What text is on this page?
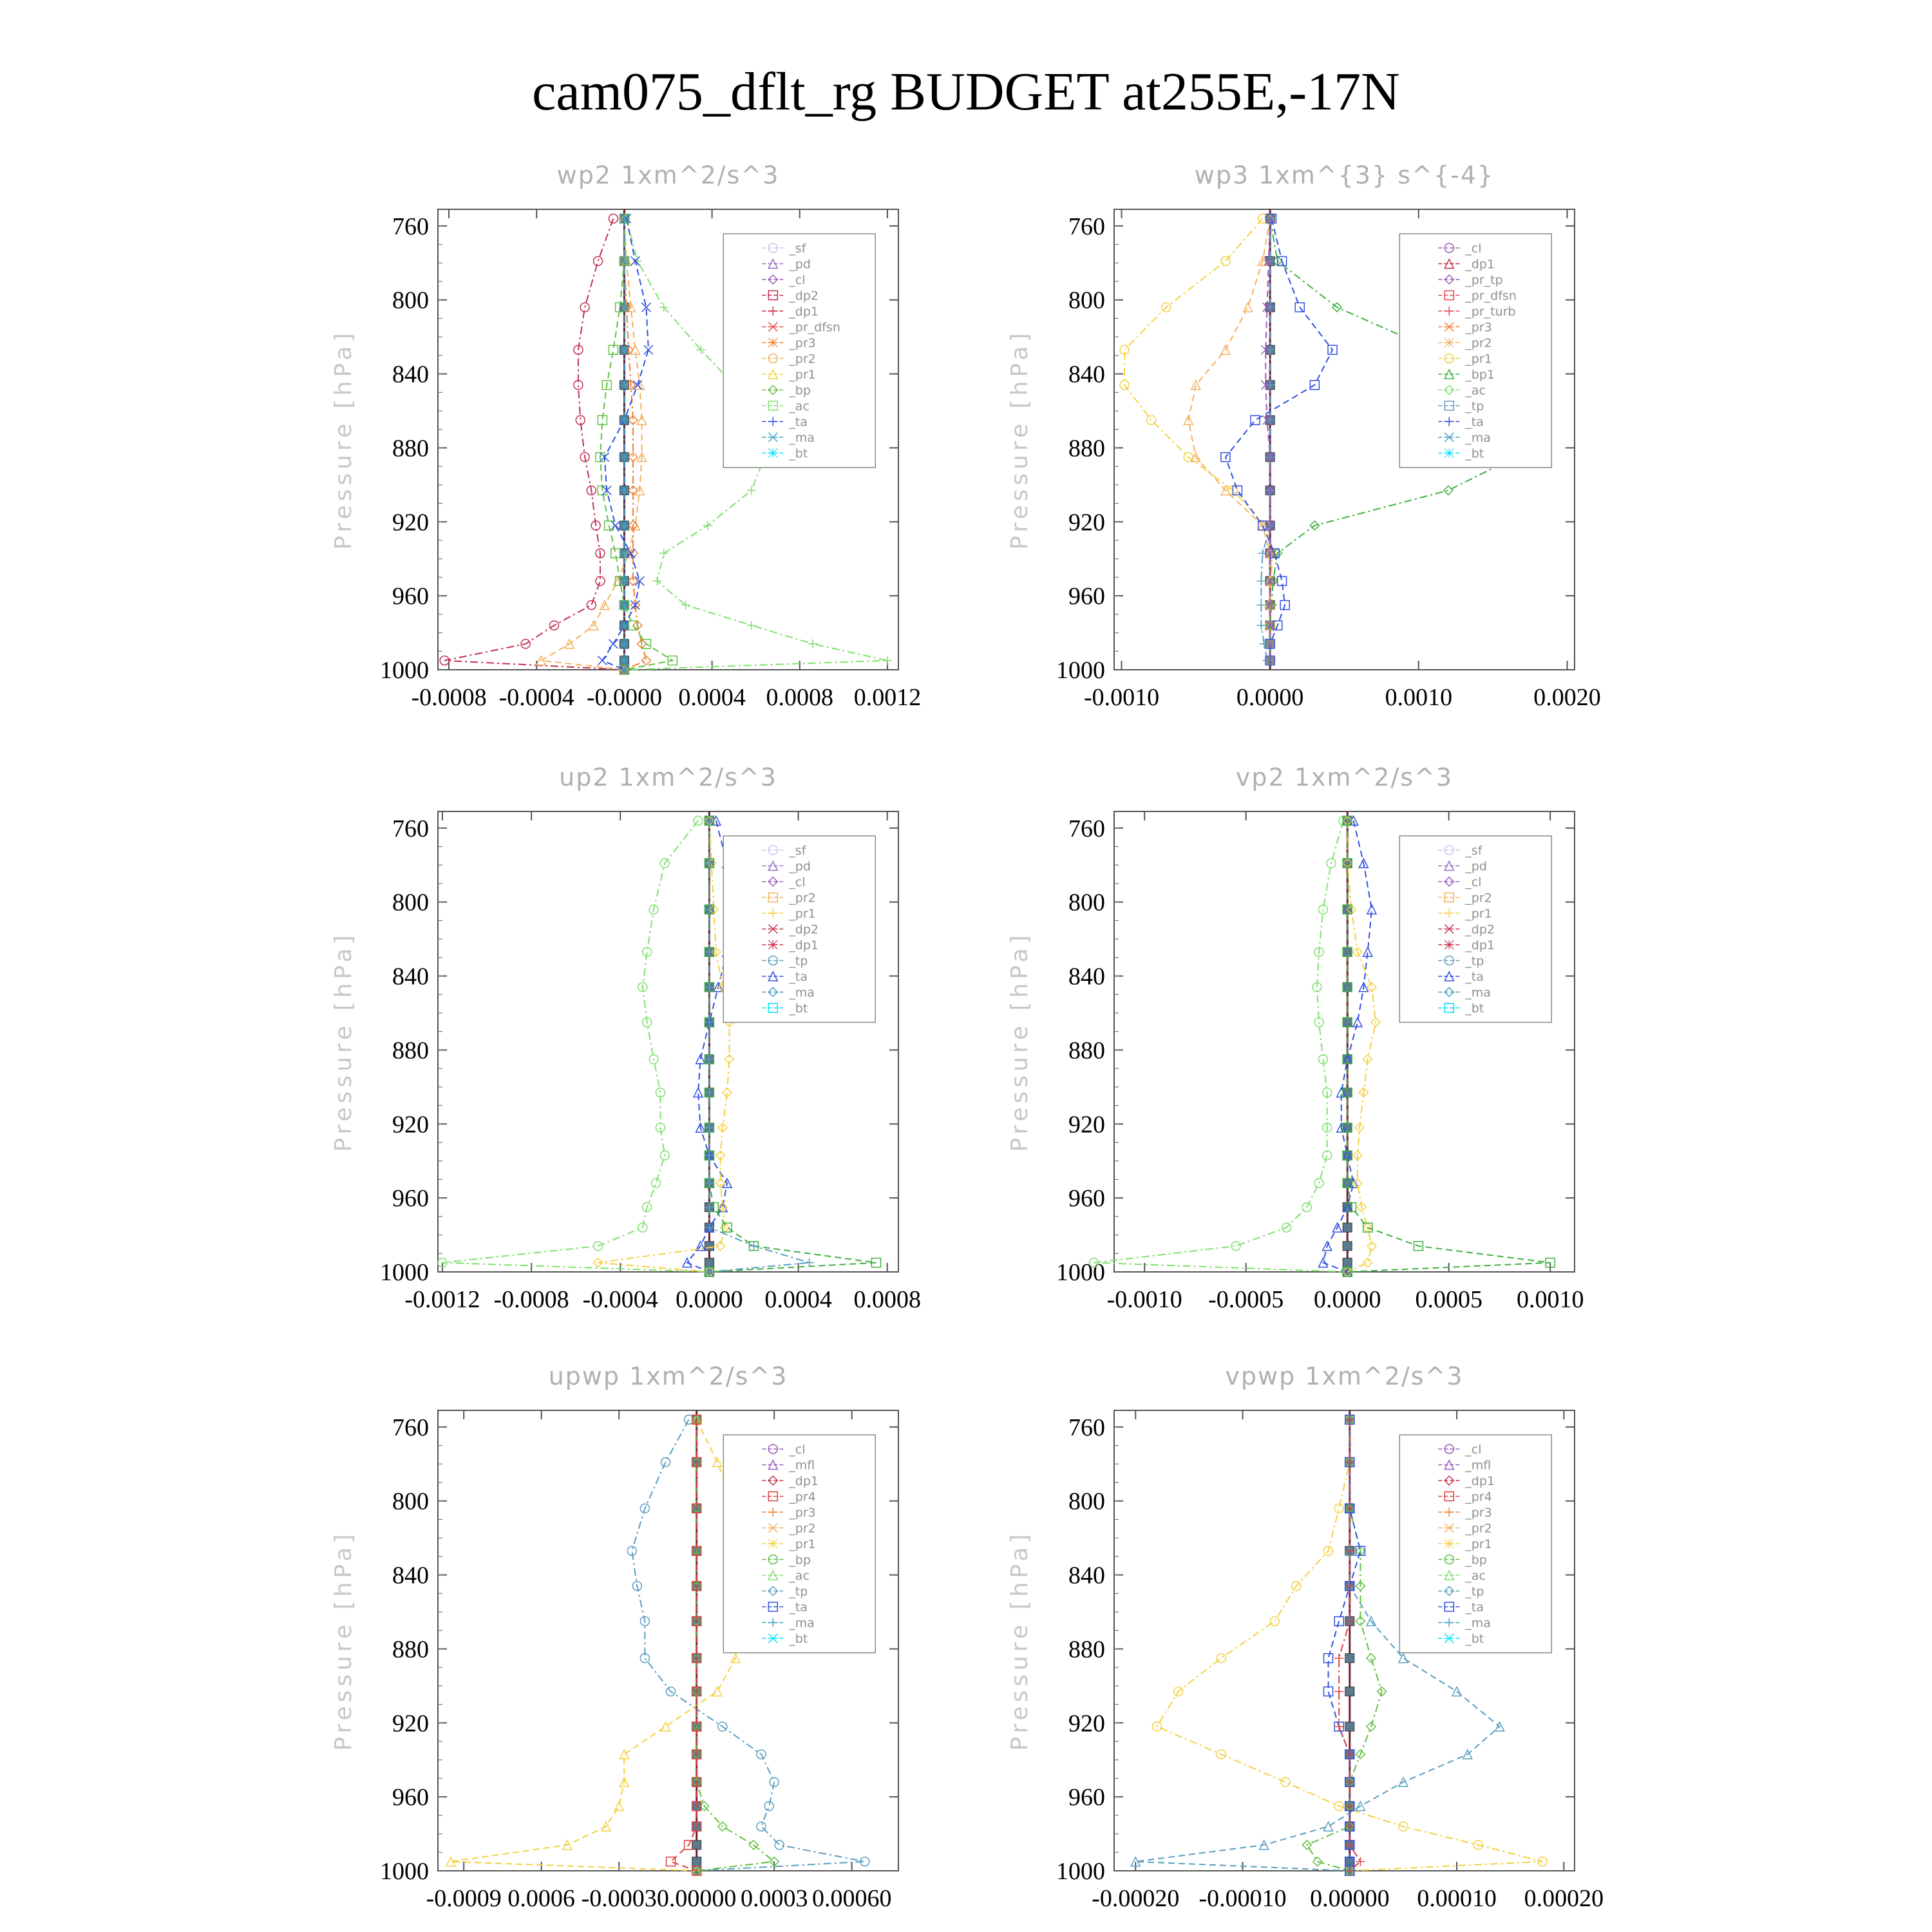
cam075_dflt_rg BUDGET at255E,-17N
wp2 1xm^2/s^3
Pressure [hPa]
760
800
840
880
920
960
1000
-0.0008 -0.0004 -0.0000 0.0004 0.0008 0.0012
_sf
_pd
_cl
_dp2
_dp1
_pr_dfsn
_pr3
_pr2
_pr1
_bp
_ac
_ta
_ma
_bt
wp3 1xm^{3} s^{-4}
Pressure [hPa]
760
800
840
880
920
960
1000
-0.0010	0.0000	0.0010	0.0020
_cl
_dp1
_pr_tp
_pr_dfsn
_pr_turb
_pr3
_pr2
_pr1
_bp1
_ac
_tp
_ta
_ma
_bt
up2 1xm^2/s^3
Pressure [hPa]
760
800
840
880
920
960
1000
-0.0012 -0.0008 -0.0004 0.0000 0.0004 0.0008
_sf
_pd
_cl
_pr2
_pr1
_dp2
_dp1
_tp
_ta
_ma
_bt
vp2 1xm^2/s^3
Pressure [hPa]
760
800
840
880
920
960
1000
-0.0010 -0.0005 0.0000 0.0005 0.0010
_sf
_pd
_cl
_pr2
_pr1
_dp2
_dp1
_tp
_ta
_ma
_bt
upwp 1xm^2/s^3
Pressure [hPa]
760
800
840
880
920
960
1000
-0.0009 0.0006 -0.0003 0.00000 0.0003 0.00060
_cl
_mfl
_dp1
_pr4
_pr3
_pr2
_pr1
_bp
_ac
_tp
_ta
_ma
_bt
vpwp 1xm^2/s^3
Pressure [hPa]
760
800
840
880
920
960
1000
-0.00020 -0.00010 0.00000 0.00010 0.00020
_cl
_mfl
_dp1
_pr4
_pr3
_pr2
_pr1
_bp
_ac
_tp
_ta
_ma
_bt
